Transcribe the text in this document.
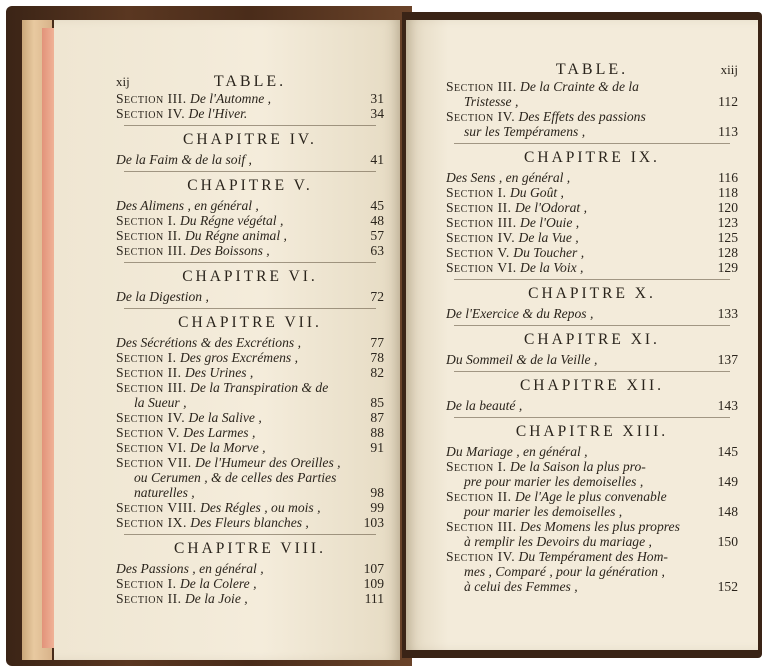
xij	TABLE.
Section III. De l'Automne ,	31
Section IV. De l'Hiver.	34
CHAPITRE IV.
De la Faim & de la soif ,	41
CHAPITRE V.
Des Alimens , en général ,	45
Section I. Du Régne végétal ,	48
Section II. Du Régne animal ,	57
Section III. Des Boissons ,	63
CHAPITRE VI.
De la Digestion ,	72
CHAPITRE VII.
Des Sécrétions & des Excrétions ,	77
Section I. Des gros Excrémens ,	78
Section II. Des Urines ,	82
Section III. De la Transpiration & de
la Sueur ,	85
Section IV. De la Salive ,	87
Section V. Des Larmes ,	88
Section VI. De la Morve ,	91
Section VII. De l'Humeur des Oreilles ,
ou Cerumen , & de celles des Parties
naturelles ,	98
Section VIII. Des Régles , ou mois ,	99
Section IX. Des Fleurs blanches ,	103
CHAPITRE VIII.
Des Passions , en général ,	107
Section I. De la Colere ,	109
Section II. De la Joie ,	111
TABLE.	xiij
Section III. De la Crainte & de la
Tristesse ,	112
Section IV. Des Effets des passions
sur les Tempéramens ,	113
CHAPITRE IX.
Des Sens , en général ,	116
Section I. Du Goût ,	118
Section II. De l'Odorat ,	120
Section III. De l'Ouie ,	123
Section IV. De la Vue ,	125
Section V. Du Toucher ,	128
Section VI. De la Voix ,	129
CHAPITRE X.
De l'Exercice & du Repos ,	133
CHAPITRE XI.
Du Sommeil & de la Veille ,	137
CHAPITRE XII.
De la beauté ,	143
CHAPITRE XIII.
Du Mariage , en général ,	145
Section I. De la Saison la plus pro-
pre pour marier les demoiselles ,	149
Section II. De l'Age le plus convenable
pour marier les demoiselles ,	148
Section III. Des Momens les plus propres
à remplir les Devoirs du mariage ,	150
Section IV. Du Tempérament des Hom-
mes , Comparé , pour la génération ,
à celui des Femmes ,	152
